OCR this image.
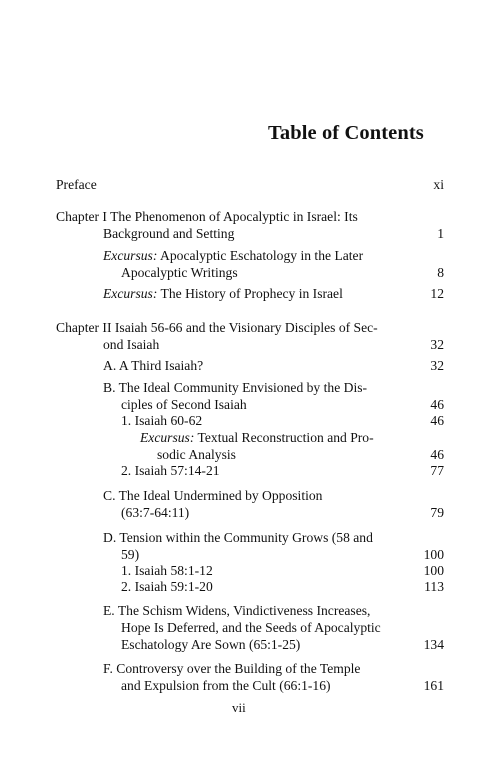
Table of Contents
Preface	xi
Chapter I The Phenomenon of Apocalyptic in Israel: Its
Background and Setting	1
Excursus: Apocalyptic Eschatology in the Later
Apocalyptic Writings	8
Excursus: The History of Prophecy in Israel	12
Chapter II Isaiah 56-66 and the Visionary Disciples of Sec-
ond Isaiah	32
A. A Third Isaiah?	32
B. The Ideal Community Envisioned by the Dis-
ciples of Second Isaiah	46
1. Isaiah 60-62	46
Excursus: Textual Reconstruction and Pro-
sodic Analysis	46
2. Isaiah 57:14-21	77
C. The Ideal Undermined by Opposition
(63:7-64:11)	79
D. Tension within the Community Grows (58 and
59)	100
1. Isaiah 58:1-12	100
2. Isaiah 59:1-20	113
E. The Schism Widens, Vindictiveness Increases,
Hope Is Deferred, and the Seeds of Apocalyptic
Eschatology Are Sown (65:1-25)	134
F. Controversy over the Building of the Temple
and Expulsion from the Cult (66:1-16)	161
vii
